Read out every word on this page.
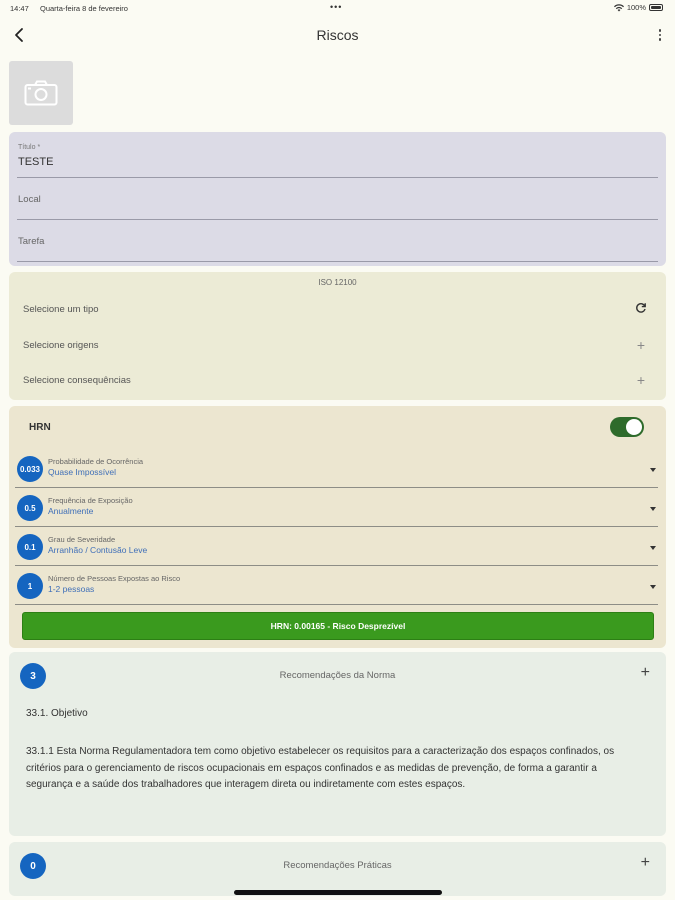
14:47 Quarta-feira 8 de fevereiro	•••	100%
Riscos
Título *
TESTE
Local
Tarefa
ISO 12100
Selecione um tipo
Selecione origens	+
Selecione consequências	+
HRN
0.033
Probabilidade de Ocorrência
Quase Impossível
0.5
Frequência de Exposição
Anualmente
0.1
Grau de Severidade
Arranhão / Contusão Leve
1
Número de Pessoas Expostas ao Risco
1-2 pessoas
HRN: 0.00165 - Risco Desprezível
3	Recomendações da Norma	+
33.1. Objetivo
33.1.1 Esta Norma Regulamentadora tem como objetivo estabelecer os requisitos para a caracterização dos espaços confinados, os critérios para o gerenciamento de riscos ocupacionais em espaços confinados e as medidas de prevenção, de forma a garantir a segurança e a saúde dos trabalhadores que interagem direta ou indiretamente com estes espaços.
0	Recomendações Práticas	+
